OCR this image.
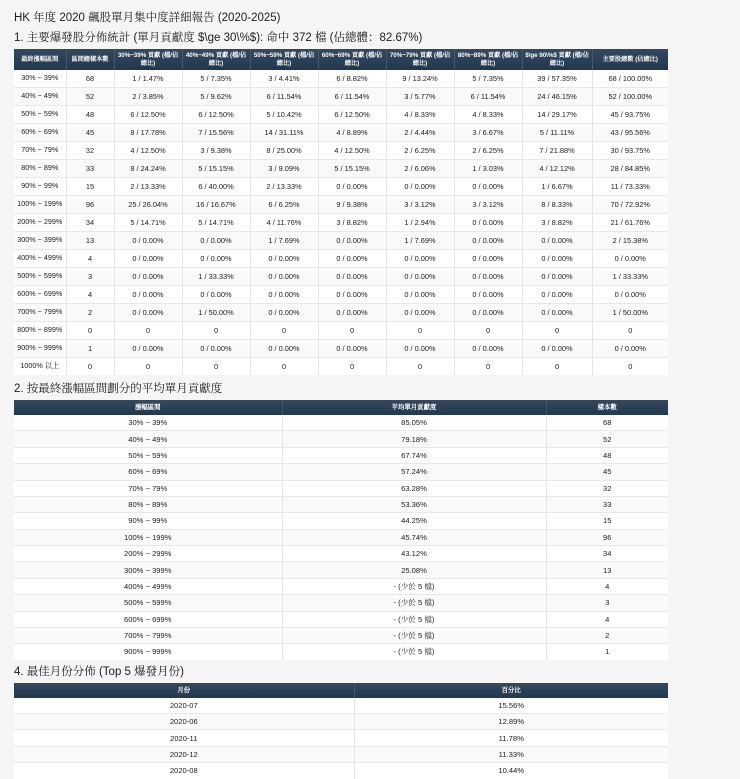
HK 年度 2020 飆股單月集中度詳細報告 (2020-2025)
1. 主要爆發股分佈統計 (單月貢獻度 $\ge 30\%$): 命中 372 檔 (佔總體：82.67%)
最終漲幅區間	區間總樣本數	30%~39% 貢獻 (檔/佔總比)	40%~49% 貢獻 (檔/佔總比)	50%~59% 貢獻 (檔/佔總比)	60%~69% 貢獻 (檔/佔總比)	70%~79% 貢獻 (檔/佔總比)	80%~89% 貢獻 (檔/佔總比)	$\ge 90\%$ 貢獻 (檔/佔總比)	主要股總數 (佔總比)
30% ~ 39%	68	1 / 1.47%	5 / 7.35%	3 / 4.41%	6 / 8.82%	9 / 13.24%	5 / 7.35%	39 / 57.35%	68 / 100.00%
40% ~ 49%	52	2 / 3.85%	5 / 9.62%	6 / 11.54%	6 / 11.54%	3 / 5.77%	6 / 11.54%	24 / 46.15%	52 / 100.00%
50% ~ 59%	48	6 / 12.50%	6 / 12.50%	5 / 10.42%	6 / 12.50%	4 / 8.33%	4 / 8.33%	14 / 29.17%	45 / 93.75%
60% ~ 69%	45	8 / 17.78%	7 / 15.56%	14 / 31.11%	4 / 8.89%	2 / 4.44%	3 / 6.67%	5 / 11.11%	43 / 95.56%
70% ~ 79%	32	4 / 12.50%	3 / 9.38%	8 / 25.00%	4 / 12.50%	2 / 6.25%	2 / 6.25%	7 / 21.88%	30 / 93.75%
80% ~ 89%	33	8 / 24.24%	5 / 15.15%	3 / 9.09%	5 / 15.15%	2 / 6.06%	1 / 3.03%	4 / 12.12%	28 / 84.85%
90% ~ 99%	15	2 / 13.33%	6 / 40.00%	2 / 13.33%	0 / 0.00%	0 / 0.00%	0 / 0.00%	1 / 6.67%	11 / 73.33%
100% ~ 199%	96	25 / 26.04%	16 / 16.67%	6 / 6.25%	9 / 9.38%	3 / 3.12%	3 / 3.12%	8 / 8.33%	70 / 72.92%
200% ~ 299%	34	5 / 14.71%	5 / 14.71%	4 / 11.76%	3 / 8.82%	1 / 2.94%	0 / 0.00%	3 / 8.82%	21 / 61.76%
300% ~ 399%	13	0 / 0.00%	0 / 0.00%	1 / 7.69%	0 / 0.00%	1 / 7.69%	0 / 0.00%	0 / 0.00%	2 / 15.38%
400% ~ 499%	4	0 / 0.00%	0 / 0.00%	0 / 0.00%	0 / 0.00%	0 / 0.00%	0 / 0.00%	0 / 0.00%	0 / 0.00%
500% ~ 599%	3	0 / 0.00%	1 / 33.33%	0 / 0.00%	0 / 0.00%	0 / 0.00%	0 / 0.00%	0 / 0.00%	1 / 33.33%
600% ~ 699%	4	0 / 0.00%	0 / 0.00%	0 / 0.00%	0 / 0.00%	0 / 0.00%	0 / 0.00%	0 / 0.00%	0 / 0.00%
700% ~ 799%	2	0 / 0.00%	1 / 50.00%	0 / 0.00%	0 / 0.00%	0 / 0.00%	0 / 0.00%	0 / 0.00%	1 / 50.00%
800% ~ 899%	0	0	0	0	0	0	0	0	0
900% ~ 999%	1	0 / 0.00%	0 / 0.00%	0 / 0.00%	0 / 0.00%	0 / 0.00%	0 / 0.00%	0 / 0.00%	0 / 0.00%
1000% 以上	0	0	0	0	0	0	0	0	0
2. 按最終漲幅區間劃分的平均單月貢獻度
漲幅區間	平均單月貢獻度	樣本數
30% ~ 39%	85.05%	68
40% ~ 49%	79.18%	52
50% ~ 59%	67.74%	48
60% ~ 69%	57.24%	45
70% ~ 79%	63.28%	32
80% ~ 89%	53.36%	33
90% ~ 99%	44.25%	15
100% ~ 199%	45.74%	96
200% ~ 299%	43.12%	34
300% ~ 399%	25.08%	13
400% ~ 499%	- (少於 5 檔)	4
500% ~ 599%	- (少於 5 檔)	3
600% ~ 699%	- (少於 5 檔)	4
700% ~ 799%	- (少於 5 檔)	2
900% ~ 999%	- (少於 5 檔)	1
4. 最佳月份分佈 (Top 5 爆發月份)
月份	百分比
2020-07	15.56%
2020-06	12.89%
2020-11	11.78%
2020-12	11.33%
2020-08	10.44%
